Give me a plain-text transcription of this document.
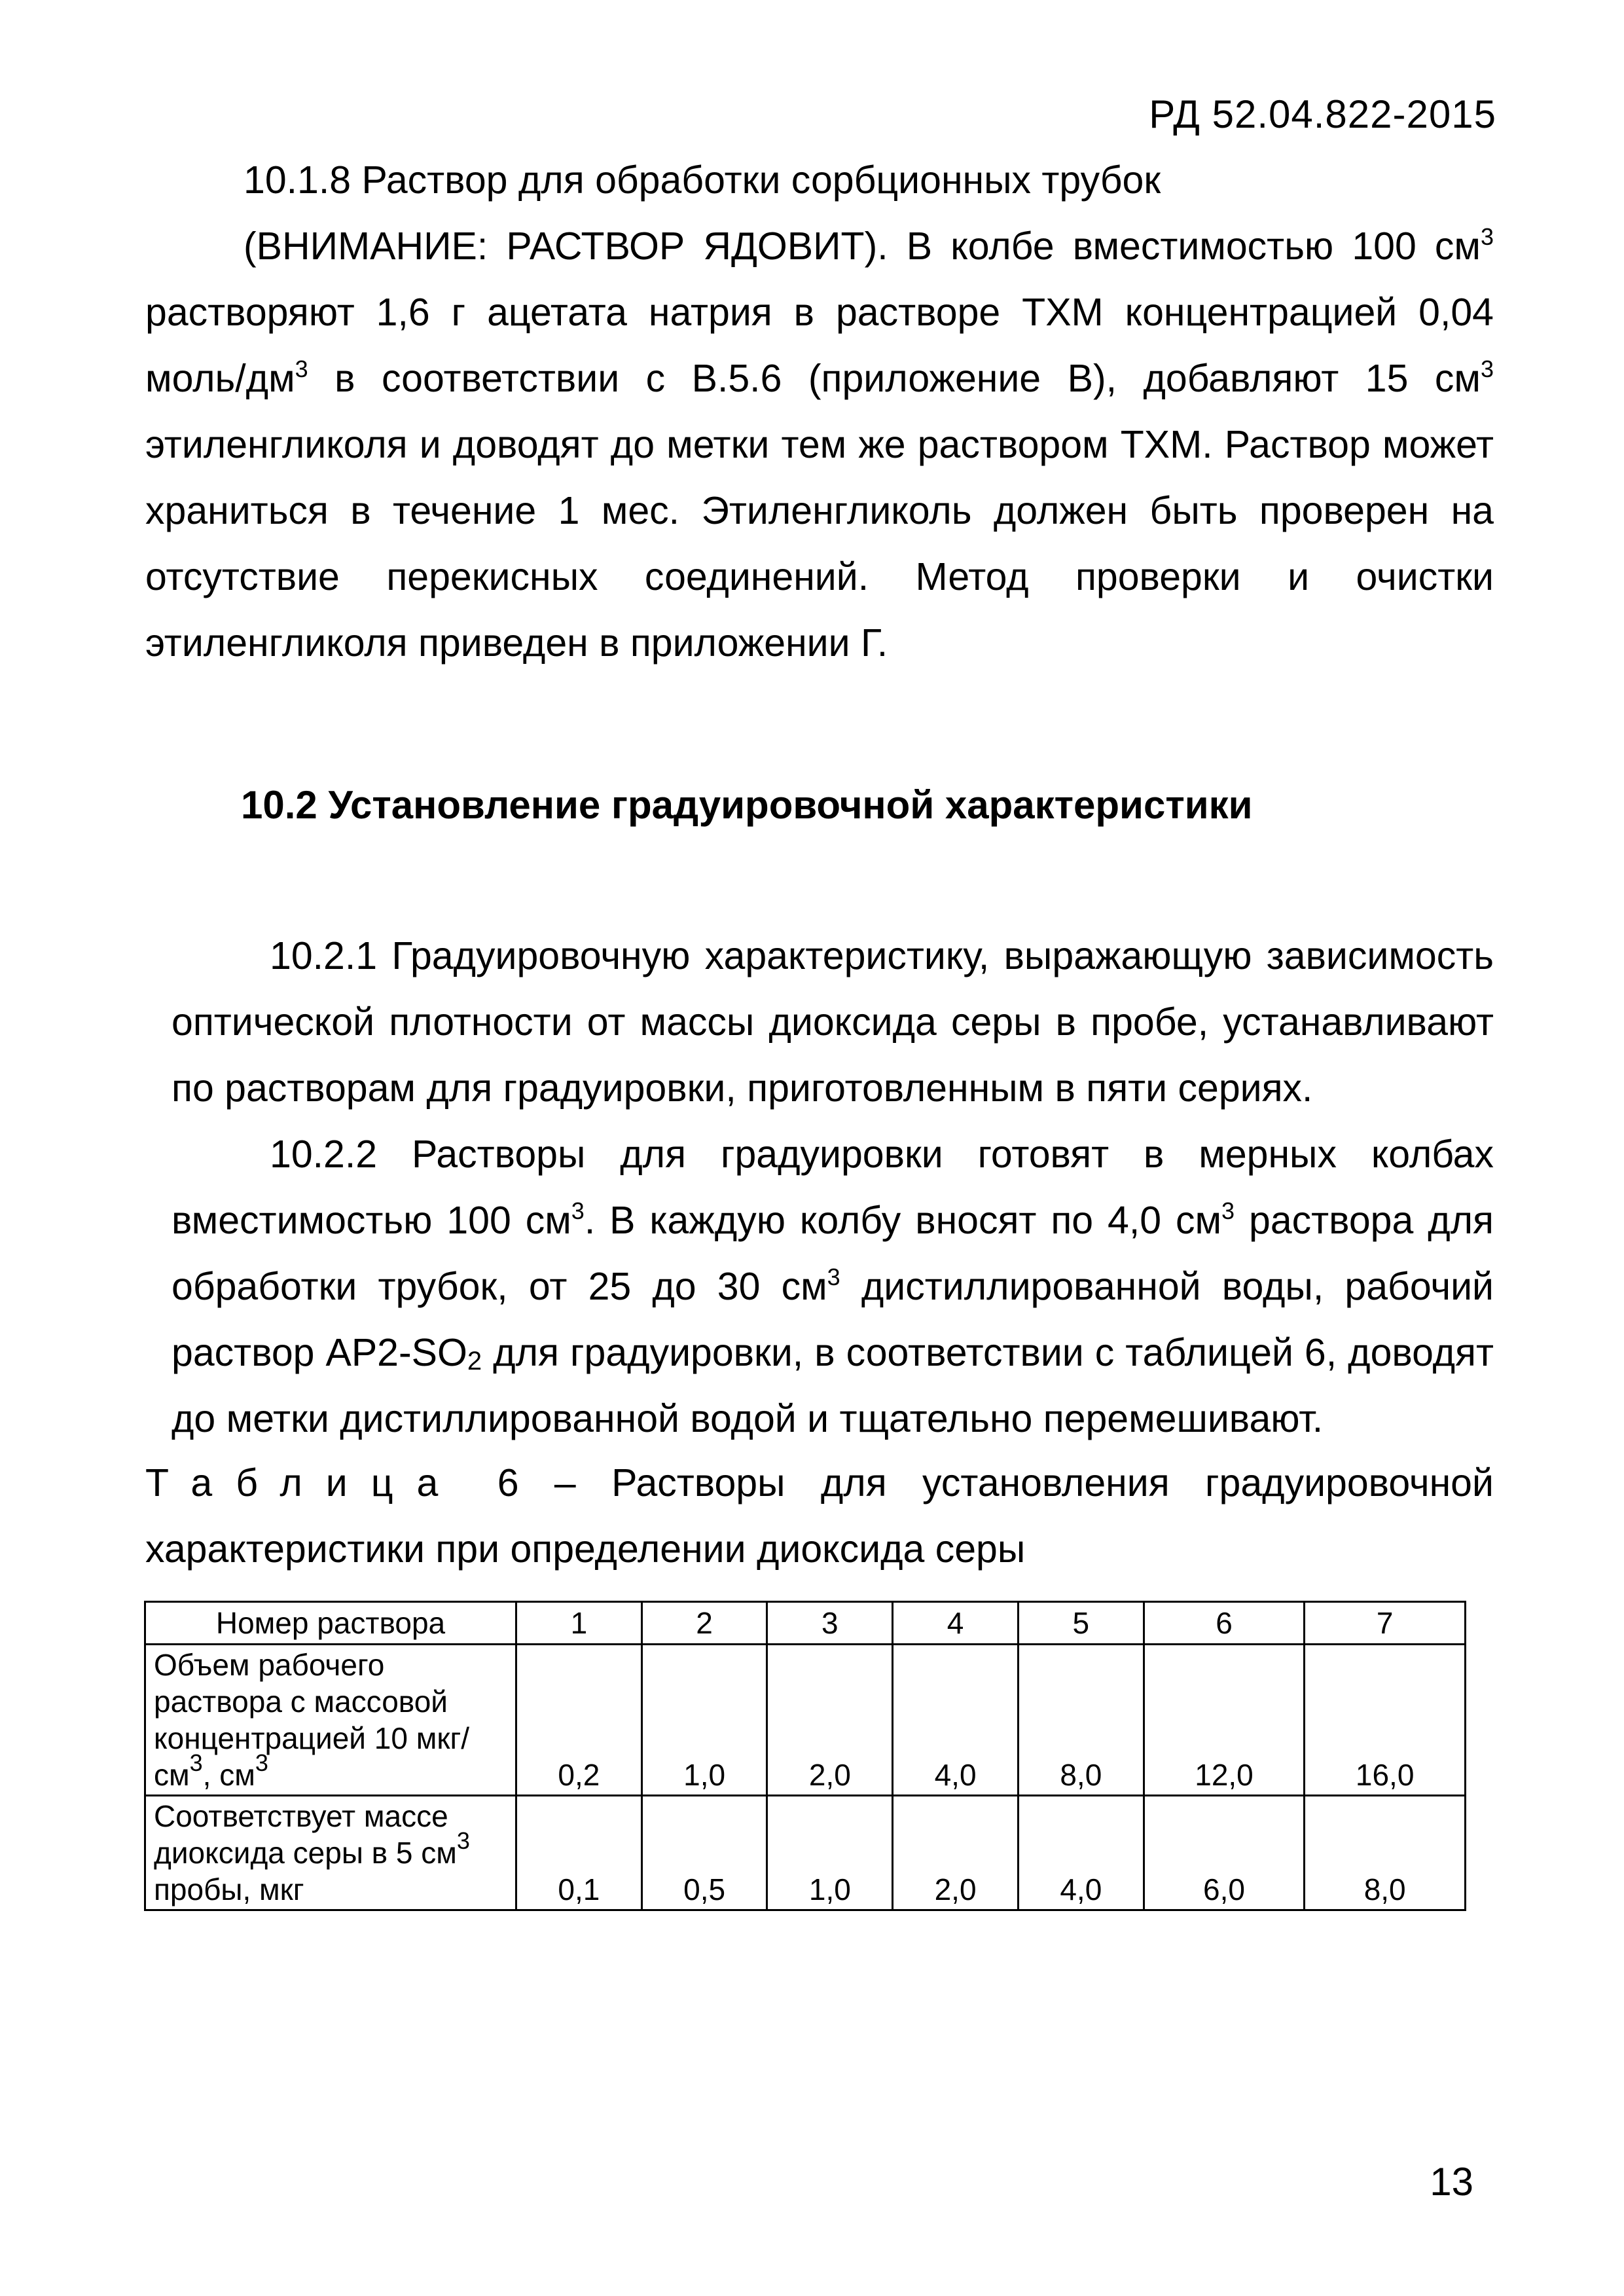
РД 52.04.822-2015

10.1.8 Раствор для обработки сорбционных трубок
(ВНИМАНИЕ: РАСТВОР ЯДОВИТ). В колбе вместимостью 100 $см^3$ растворяют 1,6 г ацетата натрия в растворе ТХМ концентрацией 0,04 моль/$дм^3$ в соответствии с В.5.6 (приложение В), добавляют 15 $см^3$ этиленгликоля и доводят до метки тем же раствором ТХМ. Раствор может храниться в течение 1 мес. Этиленгликоль должен быть проверен на отсутствие перекисных соединений. Метод проверки и очистки этиленгликоля приведен в приложении Г.

10.2 Установление градуировочной характеристики

10.2.1 Градуировочную характеристику, выражающую зависимость оптической плотности от массы диоксида серы в пробе, устанавливают по растворам для градуировки, приготовленным в пяти сериях.

10.2.2 Растворы для градуировки готовят в мерных колбах вместимостью 100 $см^3$. В каждую колбу вносят по 4,0 $см^3$ раствора для обработки трубок, от 25 до 30 $см^3$ дистиллированной воды, рабочий раствор $АР2-SO_2$ для градуировки, в соответствии с таблицей 6, доводят до метки дистиллированной водой и тщательно перемешивают.

Таблица 6 – Растворы для установления градуировочной характеристики при определении диоксида серы

Номер раствора	1	2	3	4	5	6	7
Объем рабочего раствора с массовой концентрацией 10 мкг/$см^3$, $см^3$	0,2	1,0	2,0	4,0	8,0	12,0	16,0
Соответствует массе диоксида серы в 5 $см^3$ пробы, мкг	0,1	0,5	1,0	2,0	4,0	6,0	8,0
13
